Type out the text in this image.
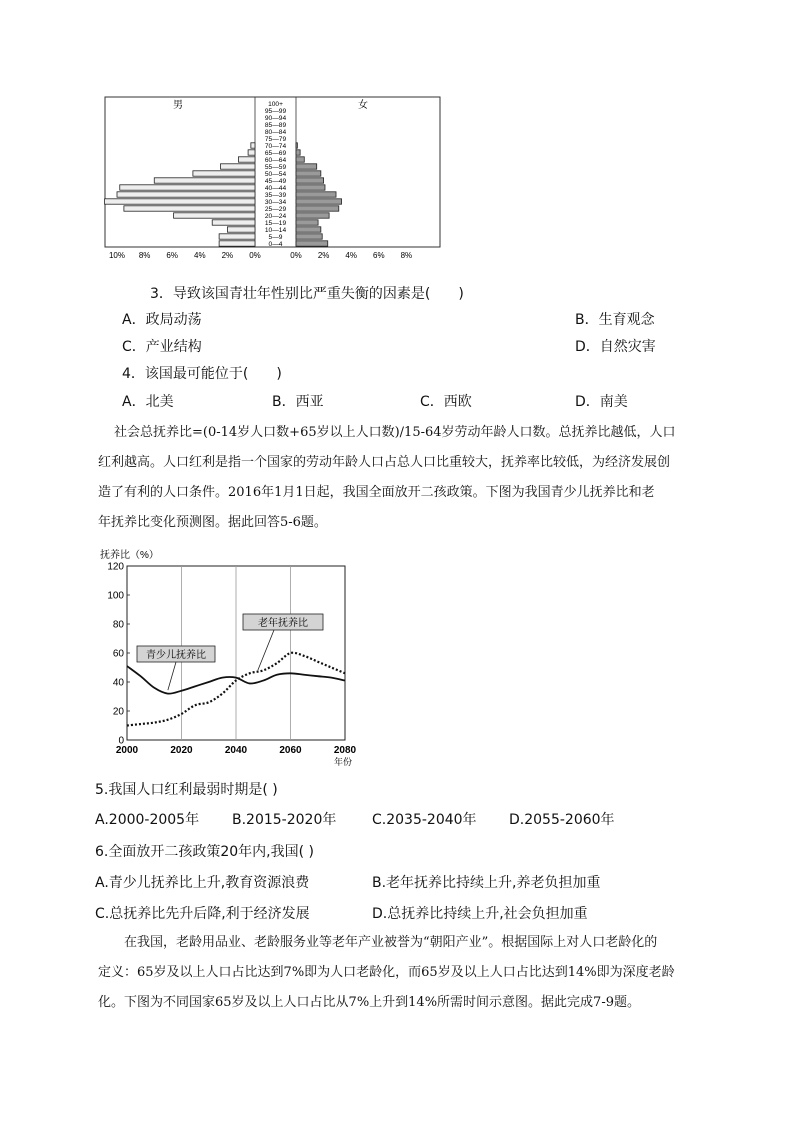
男	女
100+
95—99
90—94
85—89
80—84
75—79
70—74
65—69
60—64
55—59
50—54
45—49
40—44
35—39
30—34
25—29
20—24
15—19
10—14
5—9
0—4
10% 8% 6% 4% 2% 0%	0% 2% 4% 6% 8%
3．导致该国青壮年性别比严重失衡的因素是(　　)
A．政局动荡	B．生育观念
C．产业结构	D．自然灾害
4．该国最可能位于(　　)
A．北美	B．西亚	C．西欧	D．南美
社会总抚养比=(0-14岁人口数+65岁以上人口数)/15-64岁劳动年龄人口数。总抚养比越低，人口
红利越高。人口红利是指一个国家的劳动年龄人口占总人口比重较大，抚养率比较低，为经济发展创
造了有利的人口条件。2016年1月1日起，我国全面放开二孩政策。下图为我国青少儿抚养比和老
年抚养比变化预测图。据此回答5-6题。
抚养比（%）
年份
0
20
40
60
80
100
120
2000	2020	2040	2060	2080
青少儿抚养比
老年抚养比
5.我国人口红利最弱时期是( )
A.2000-2005年 B.2015-2020年	C.2035-2040年 D.2055-2060年
6.全面放开二孩政策20年内,我国( )
A.青少儿抚养比上升,教育资源浪费	B.老年抚养比持续上升,养老负担加重
C.总抚养比先升后降,利于经济发展	D.总抚养比持续上升,社会负担加重
在我国，老龄用品业、老龄服务业等老年产业被誉为“朝阳产业”。根据国际上对人口老龄化的
定义：65岁及以上人口占比达到7%即为人口老龄化，而65岁及以上人口占比达到14%即为深度老龄
化。下图为不同国家65岁及以上人口占比从7%上升到14%所需时间示意图。据此完成7-9题。
